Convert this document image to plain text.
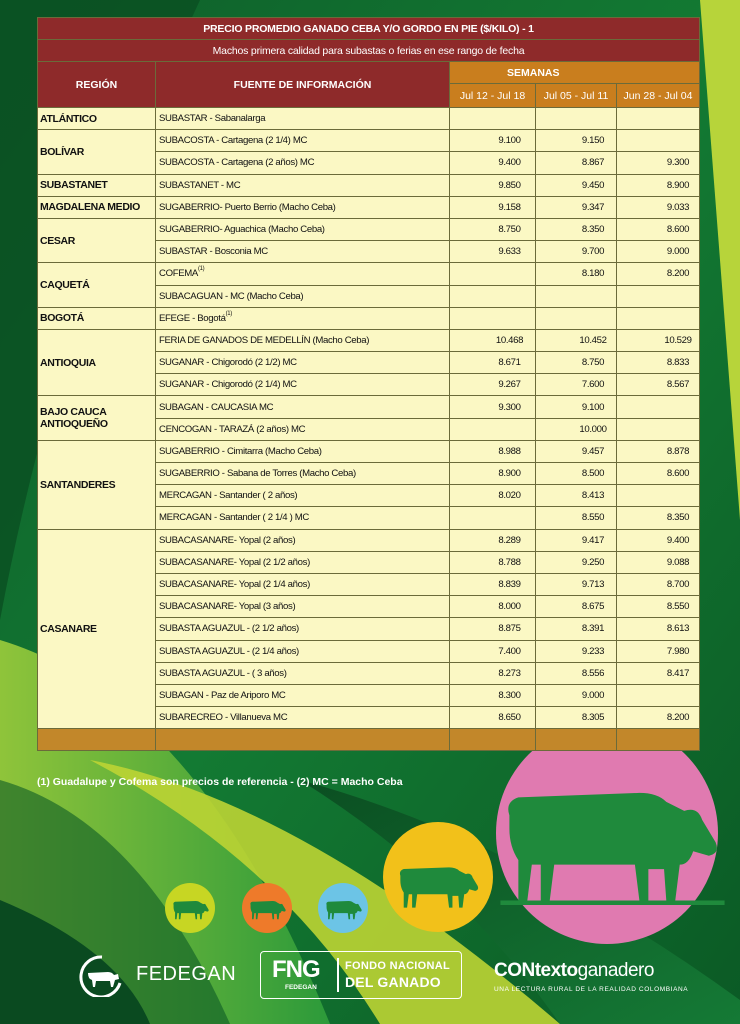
PRECIO PROMEDIO GANADO CEBA Y/O GORDO EN PIE ($/KILO) - 1				
Machos primera calidad para subastas o ferias en ese rango de fecha				
REGIÓN	FUENTE DE INFORMACIÓN	SEMANAS		
		Jul 12 - Jul 18	Jul 05 - Jul 11	Jun 28 - Jul 04
ATLÁNTICO	SUBASTAR - Sabanalarga			
BOLÍVAR	SUBACOSTA - Cartagena (2 1/4) MC	9.100	9.150	
	SUBACOSTA - Cartagena (2 años) MC	9.400	8.867	9.300
SUBASTANET	SUBASTANET - MC	9.850	9.450	8.900
MAGDALENA MEDIO	SUGABERRIO- Puerto Berrio (Macho Ceba)	9.158	9.347	9.033
CESAR	SUGABERRIO- Aguachica (Macho Ceba)	8.750	8.350	8.600
	SUBASTAR - Bosconia MC	9.633	9.700	9.000
CAQUETÁ	COFEMA$^{(1)}$		8.180	8.200
	SUBACAGUAN - MC (Macho Ceba)			
BOGOTÁ	EFEGE - Bogotá$^{(1)}$			
ANTIOQUIA	FERIA DE GANADOS DE MEDELLÍN (Macho Ceba)	10.468	10.452	10.529
	SUGANAR - Chigorodó (2 1/2) MC	8.671	8.750	8.833
	SUGANAR - Chigorodó (2 1/4) MC	9.267	7.600	8.567
BAJO CAUCA ANTIOQUEÑO	SUBAGAN - CAUCASIA MC	9.300	9.100	
	CENCOGAN - TARAZÁ (2 años) MC		10.000	
SANTANDERES	SUGABERRIO - Cimitarra (Macho Ceba)	8.988	9.457	8.878
	SUGABERRIO - Sabana de Torres (Macho Ceba)	8.900	8.500	8.600
	MERCAGAN - Santander ( 2 años)	8.020	8.413	
	MERCAGAN - Santander ( 2 1/4 ) MC		8.550	8.350
CASANARE	SUBACASANARE- Yopal (2 años)	8.289	9.417	9.400
	SUBACASANARE- Yopal (2 1/2 años)	8.788	9.250	9.088
	SUBACASANARE- Yopal (2 1/4 años)	8.839	9.713	8.700
	SUBACASANARE- Yopal (3 años)	8.000	8.675	8.550
	SUBASTA AGUAZUL - (2 1/2 años)	8.875	8.391	8.613
	SUBASTA AGUAZUL - (2 1/4 años)	7.400	9.233	7.980
	SUBASTA AGUAZUL - ( 3 años)	8.273	8.556	8.417
	SUBAGAN - Paz de Ariporo MC	8.300	9.000	
	SUBARECREO - Villanueva MC	8.650	8.305	8.200

(1) Guadalupe y Cofema son precios de referencia - (2) MC = Macho Ceba
FEDEGAN FNG
FEDEGAN
FONDO NACIONAL
DEL GANADO
CONtextoganadero
UNA LECTURA RURAL DE LA REALIDAD COLOMBIANA
